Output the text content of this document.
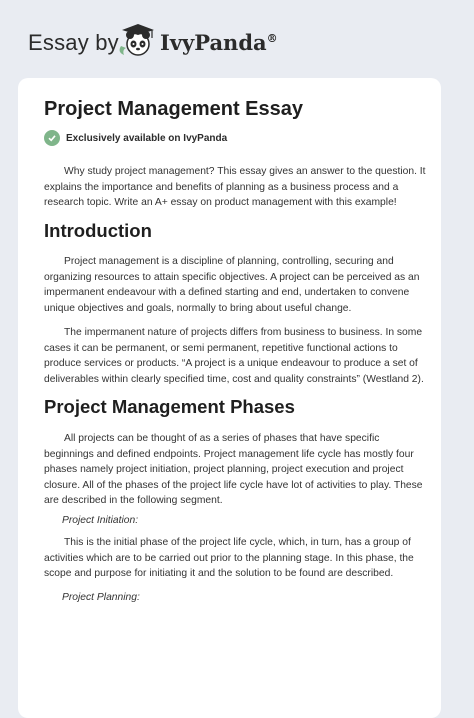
Essay by IvyPanda®
Project Management Essay
Exclusively available on IvyPanda

Why study project management? This essay gives an answer to the question. It explains the importance and benefits of planning as a business process and a research topic. Write an A+ essay on product management with this example!

Introduction

Project management is a discipline of planning, controlling, securing and organizing resources to attain specific objectives. A project can be perceived as an impermanent endeavour with a defined starting and end, undertaken to convene unique objectives and goals, normally to bring about useful change.

The impermanent nature of projects differs from business to business. In some cases it can be permanent, or semi permanent, repetitive functional actions to produce services or products. “A project is a unique endeavour to produce a set of deliverables within clearly specified time, cost and quality constraints” (Westland 2).

Project Management Phases

All projects can be thought of as a series of phases that have specific beginnings and defined endpoints. Project management life cycle has mostly four phases namely project initiation, project planning, project execution and project closure. All of the phases of the project life cycle have lot of activities to play. These are described in the following segment.

Project Initiation:

This is the initial phase of the project life cycle, which, in turn, has a group of activities which are to be carried out prior to the planning stage. In this phase, the scope and purpose for initiating it and the solution to be found are described.

Project Planning:
